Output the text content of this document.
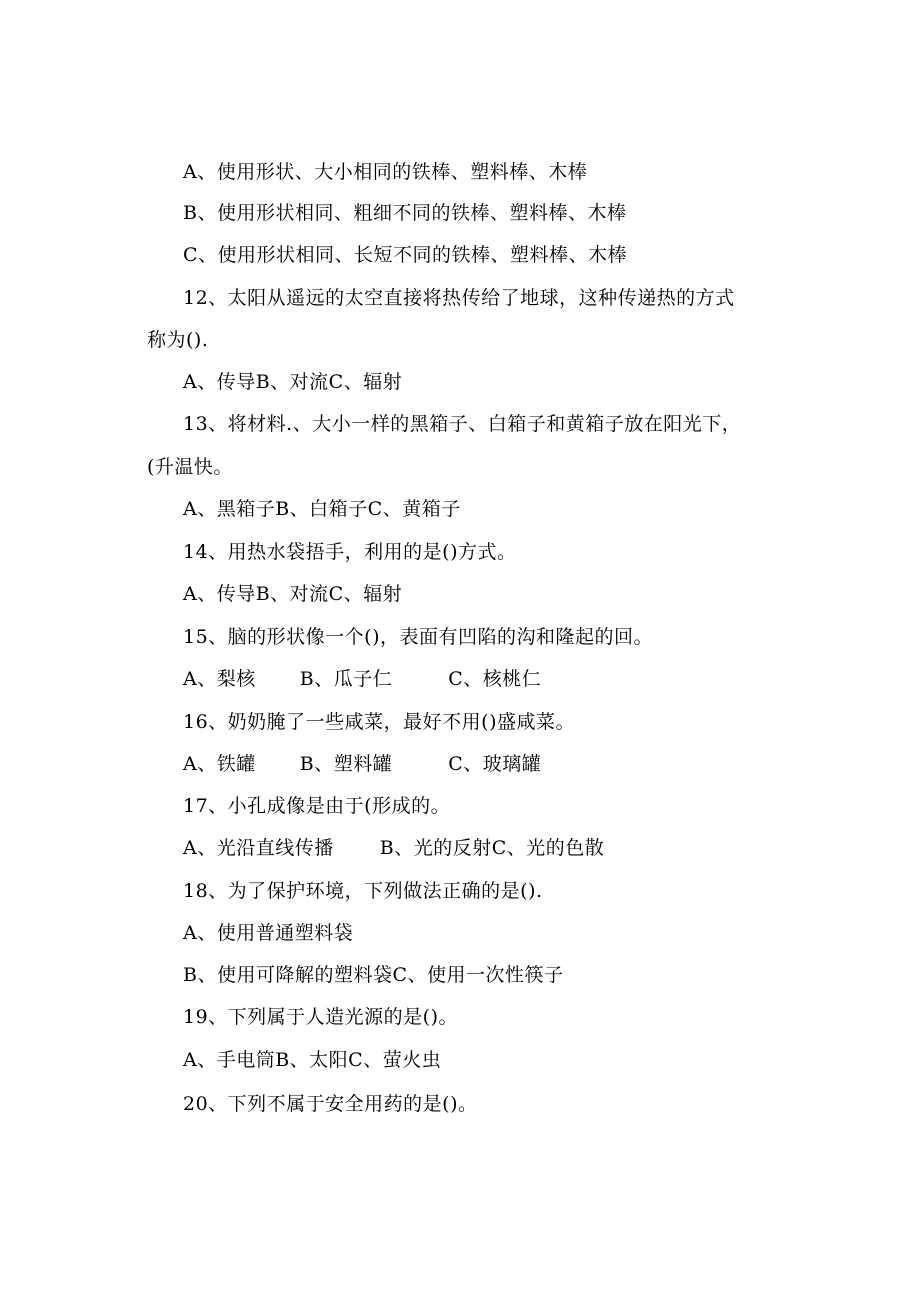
A、使用形状、大小相同的铁棒、塑料棒、木棒
B、使用形状相同、粗细不同的铁棒、塑料棒、木棒
C、使用形状相同、长短不同的铁棒、塑料棒、木棒
12、太阳从遥远的太空直接将热传给了地球，这种传递热的方式
称为().
A、传导B、对流C、辐射
13、将材料.、大小一样的黑箱子、白箱子和黄箱子放在阳光下，
(升温快。
A、黑箱子B、白箱子C、黄箱子
14、用热水袋捂手，利用的是()方式。
A、传导B、对流C、辐射
15、脑的形状像一个()，表面有凹陷的沟和隆起的回。
A、梨核 B、瓜子仁	C、核桃仁
16、奶奶腌了一些咸菜，最好不用()盛咸菜。
A、铁罐 B、塑料罐	C、玻璃罐
17、小孔成像是由于(形成的。
A、光沿直线传播 B、光的反射C、光的色散
18、为了保护环境，下列做法正确的是().
A、使用普通塑料袋
B、使用可降解的塑料袋C、使用一次性筷子
19、下列属于人造光源的是()。
A、手电筒B、太阳C、萤火虫
20、下列不属于安全用药的是()。
